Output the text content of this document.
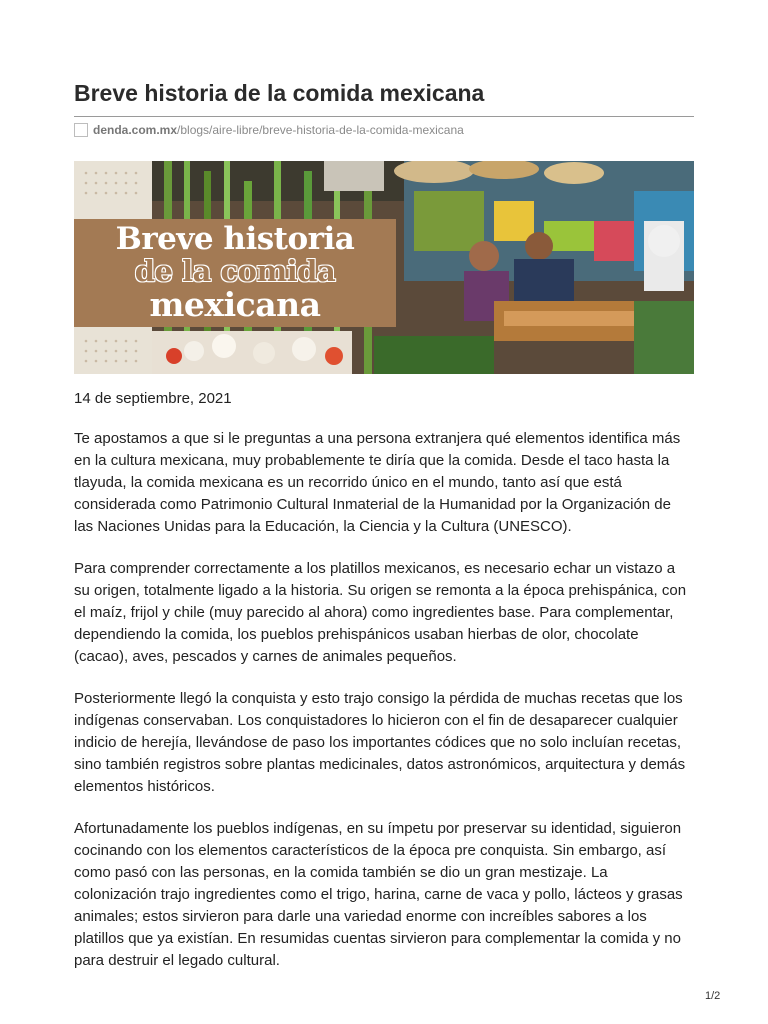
Breve historia de la comida mexicana
denda.com.mx /blogs/aire-libre/breve-historia-de-la-comida-mexicana
Breve historia
de la comida
mexicana
14 de septiembre, 2021

Te apostamos a que si le preguntas a una persona extranjera qué elementos identifica más en la cultura mexicana, muy probablemente te diría que la comida. Desde el taco hasta la tlayuda, la comida mexicana es un recorrido único en el mundo, tanto así que está considerada como Patrimonio Cultural Inmaterial de la Humanidad por la Organización de las Naciones Unidas para la Educación, la Ciencia y la Cultura (UNESCO).

Para comprender correctamente a los platillos mexicanos, es necesario echar un vistazo a su origen, totalmente ligado a la historia. Su origen se remonta a la época prehispánica, con el maíz, frijol y chile (muy parecido al ahora) como ingredientes base. Para complementar, dependiendo la comida, los pueblos prehispánicos usaban hierbas de olor, chocolate (cacao), aves, pescados y carnes de animales pequeños.

Posteriormente llegó la conquista y esto trajo consigo la pérdida de muchas recetas que los indígenas conservaban. Los conquistadores lo hicieron con el fin de desaparecer cualquier indicio de herejía, llevándose de paso los importantes códices que no solo incluían recetas, sino también registros sobre plantas medicinales, datos astronómicos, arquitectura y demás elementos históricos.

Afortunadamente los pueblos indígenas, en su ímpetu por preservar su identidad, siguieron cocinando con los elementos característicos de la época pre conquista. Sin embargo, así como pasó con las personas, en la comida también se dio un gran mestizaje. La colonización trajo ingredientes como el trigo, harina, carne de vaca y pollo, lácteos y grasas animales; estos sirvieron para darle una variedad enorme con increíbles sabores a los platillos que ya existían. En resumidas cuentas sirvieron para complementar la comida y no para destruir el legado cultural.

1/2
